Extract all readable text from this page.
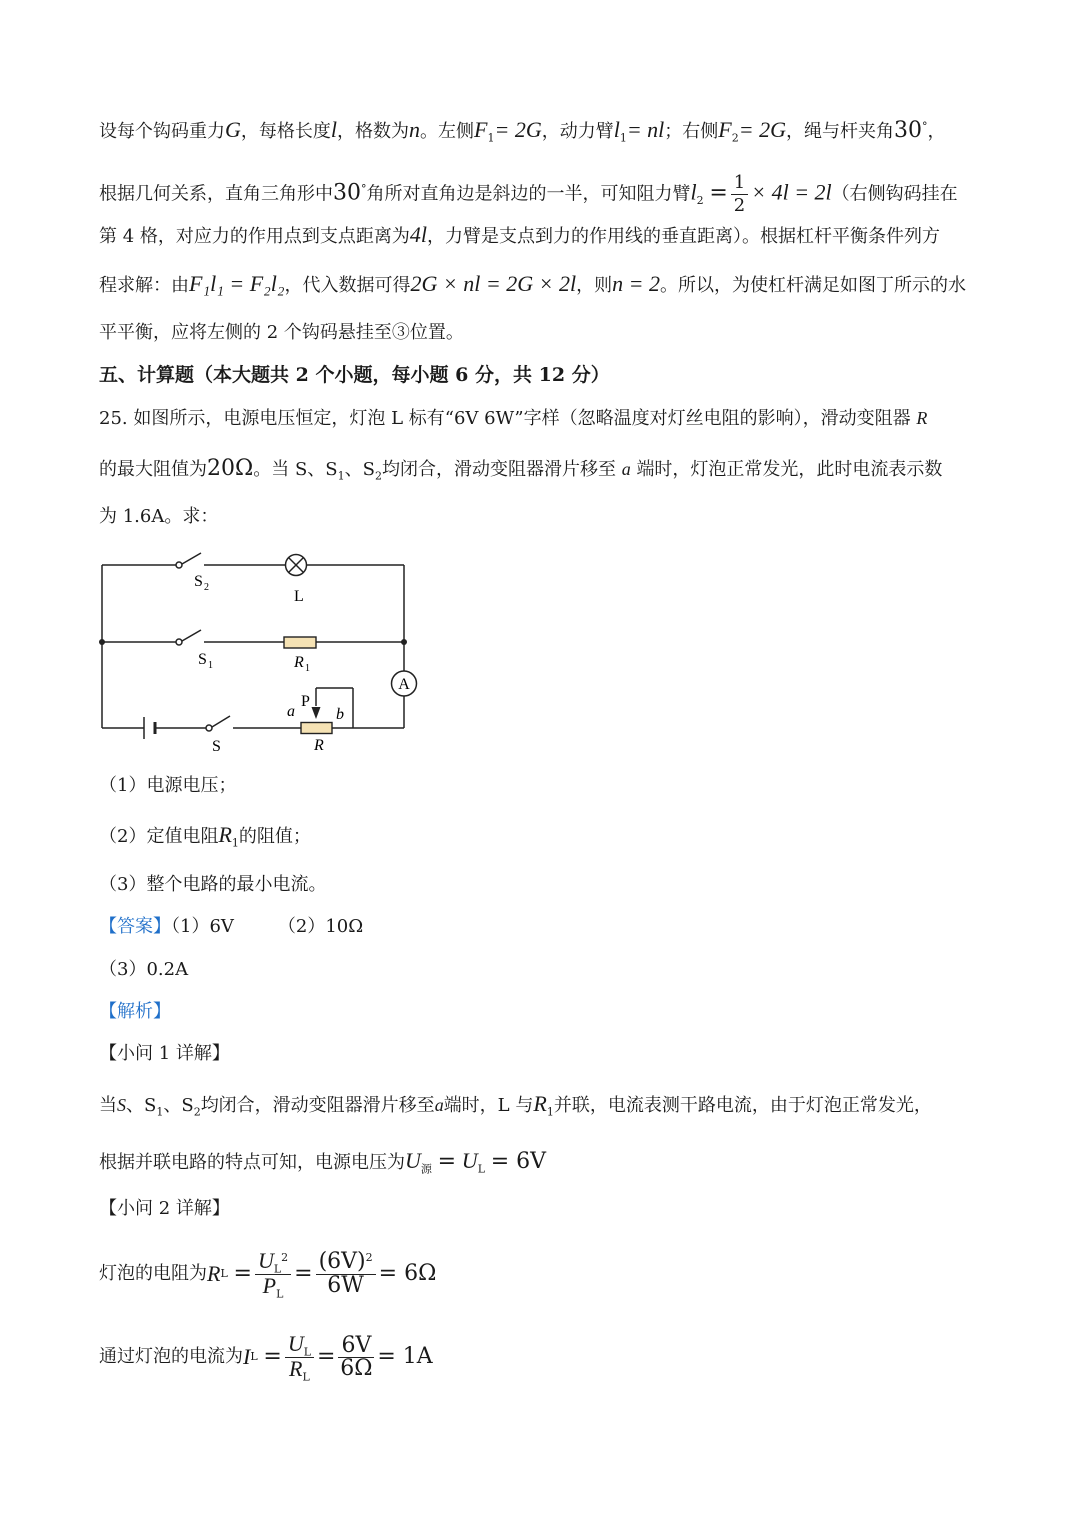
设每个钩码重力G，每格长度l，格数为n。左侧$F_1= 2G$，动力臂$l_1=$ nl；右侧$F_2= 2G$，绳与杆夹角30°，
根据几何关系，直角三角形中30°角所对直角边是斜边的一半，可知阻力臂$l_2 = \frac{1}{2} \times 4l = 2l$（右侧钩码挂在
第 4 格，对应力的作用点到支点距离为4l，力臂是支点到力的作用线的垂直距离）。根据杠杆平衡条件列方
程求解：由F₁l₁ = F₂l₂，代入数据可得2G × nl = 2G × 2l，则n = 2。所以，为使杠杆满足如图丁所示的水
平平衡，应将左侧的 2 个钩码悬挂至③位置。
五、计算题（本大题共 2 个小题，每小题 6 分，共 12 分）
25. 如图所示，电源电压恒定，灯泡 L 标有“6V 6W”字样（忽略温度对灯丝电阻的影响），滑动变阻器 R
的最大阻值为20Ω。当 S、$S_1$、$S_2$均闭合，滑动变阻器滑片移至 a 端时，灯泡正常发光，此时电流表示数
为 1.6A。求：
A
S 2
L
S 1	R 1
a
P
b
S	R
（1）电源电压；
（2）定值电阻$R_1$的阻值；
（3）整个电路的最小电流。
【答案】（1）6V （2）10Ω
（3）0.2A
【解析】
【小问 1 详解】
当S、$S_1$、$S_2$均闭合，滑动变阻器滑片移至a端时，L 与$R_1$并联，电流表测干路电流，由于灯泡正常发光，
根据并联电路的特点可知，电源电压为$U_源 = U_L = 6V$
【小问 2 详解】
灯泡的电阻为 R L
= $\frac{U_L^2}{P_L} = \frac{(6V)^2}{6W} = 6\Omega$
通过灯泡的电流为 I L
= $\frac{U_L}{R_L} = \frac{6V}{6\Omega} = 1A$
